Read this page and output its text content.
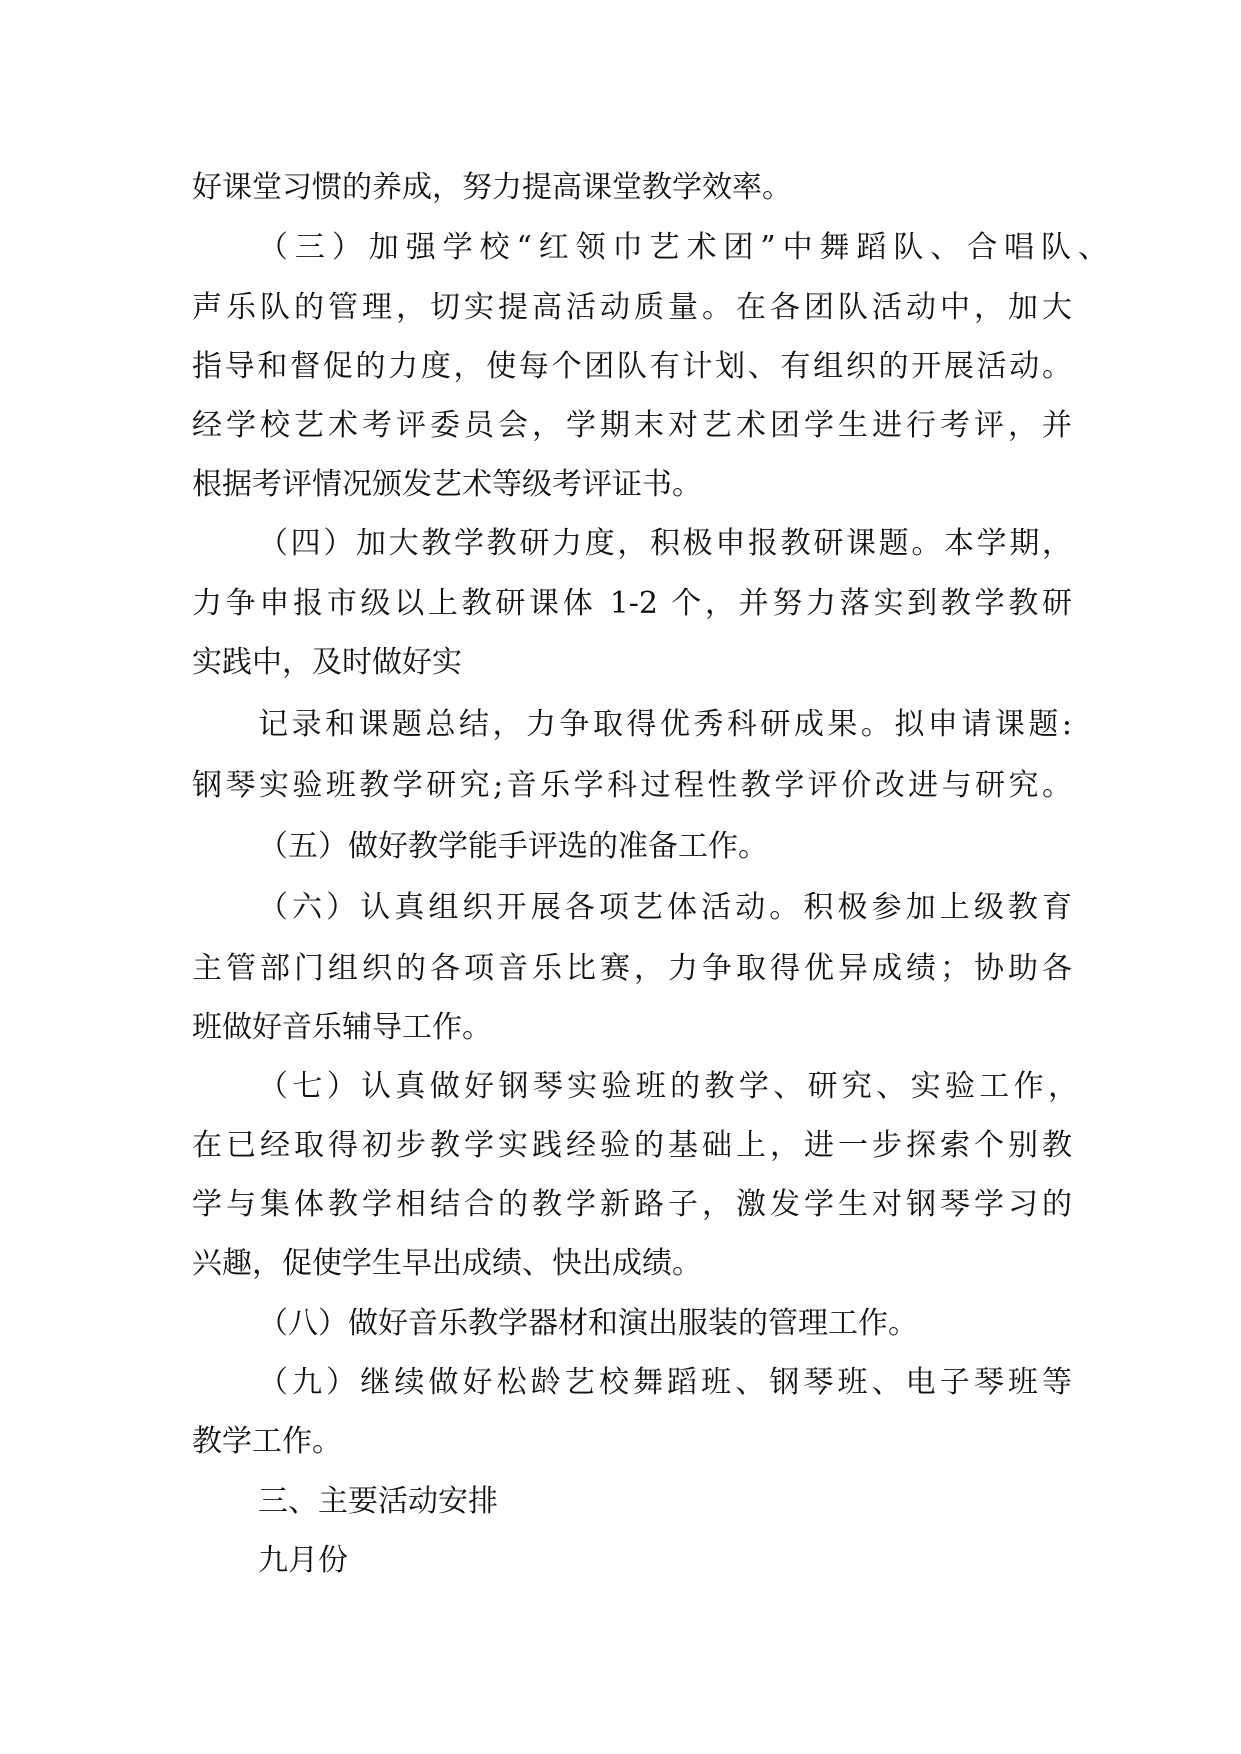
好课堂习惯的养成，努力提高课堂教学效率。
（三）加强学校“红领巾艺术团”中舞蹈队、合唱队、
声乐队的管理，切实提高活动质量。在各团队活动中，加大
指导和督促的力度，使每个团队有计划、有组织的开展活动。
经学校艺术考评委员会，学期末对艺术团学生进行考评，并
根据考评情况颁发艺术等级考评证书。
（四）加大教学教研力度，积极申报教研课题。本学期，
力争申报市级以上教研课体 1-2 个，并努力落实到教学教研
实践中，及时做好实
记录和课题总结，力争取得优秀科研成果。拟申请课题:
钢琴实验班教学研究;音乐学科过程性教学评价改进与研究。
（五）做好教学能手评选的准备工作。
（六）认真组织开展各项艺体活动。积极参加上级教育
主管部门组织的各项音乐比赛，力争取得优异成绩；协助各
班做好音乐辅导工作。
（七）认真做好钢琴实验班的教学、研究、实验工作，
在已经取得初步教学实践经验的基础上，进一步探索个别教
学与集体教学相结合的教学新路子，激发学生对钢琴学习的
兴趣，促使学生早出成绩、快出成绩。
（八）做好音乐教学器材和演出服装的管理工作。
（九）继续做好松龄艺校舞蹈班、钢琴班、电子琴班等
教学工作。
三、主要活动安排
九月份
